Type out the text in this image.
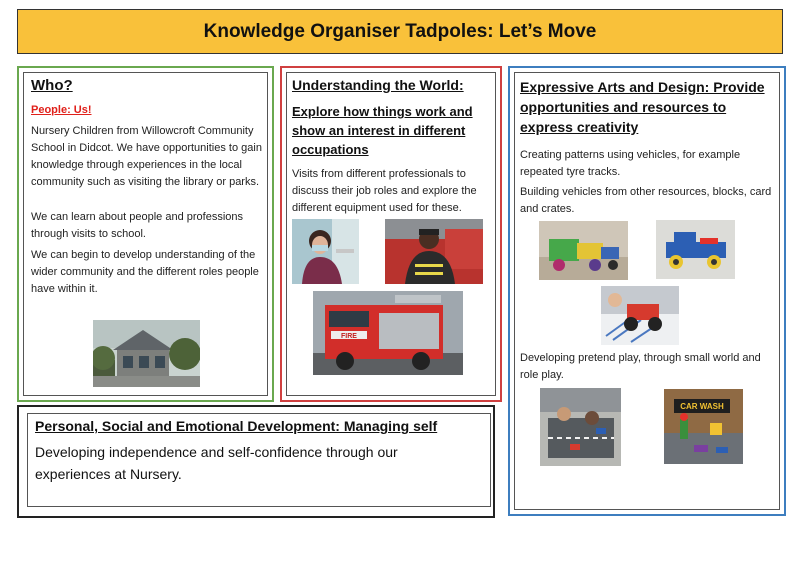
Knowledge Organiser Tadpoles: Let’s Move
Who?
People: Us!
Nursery Children from Willowcroft Community School in Didcot. We have opportunities to gain knowledge through experiences in the local community such as visiting the library or parks.
We can learn about people and professions through visits to school.
We can begin to develop understanding of the wider community and the different roles people have within it.
Understanding the World:
Explore how things work and show an interest in different occupations
Visits from different professionals to discuss their job roles and explore the different equipment used for these.
FIRE
Expressive Arts and Design: Provide opportunities and resources to express creativity
Creating patterns using vehicles, for example repeated tyre tracks.
Building vehicles from other resources, blocks, card and crates.
Developing pretend play, through small world and role play.
CAR WASH
Personal, Social and Emotional Development: Managing self
Developing independence and self-confidence through our experiences at Nursery.
